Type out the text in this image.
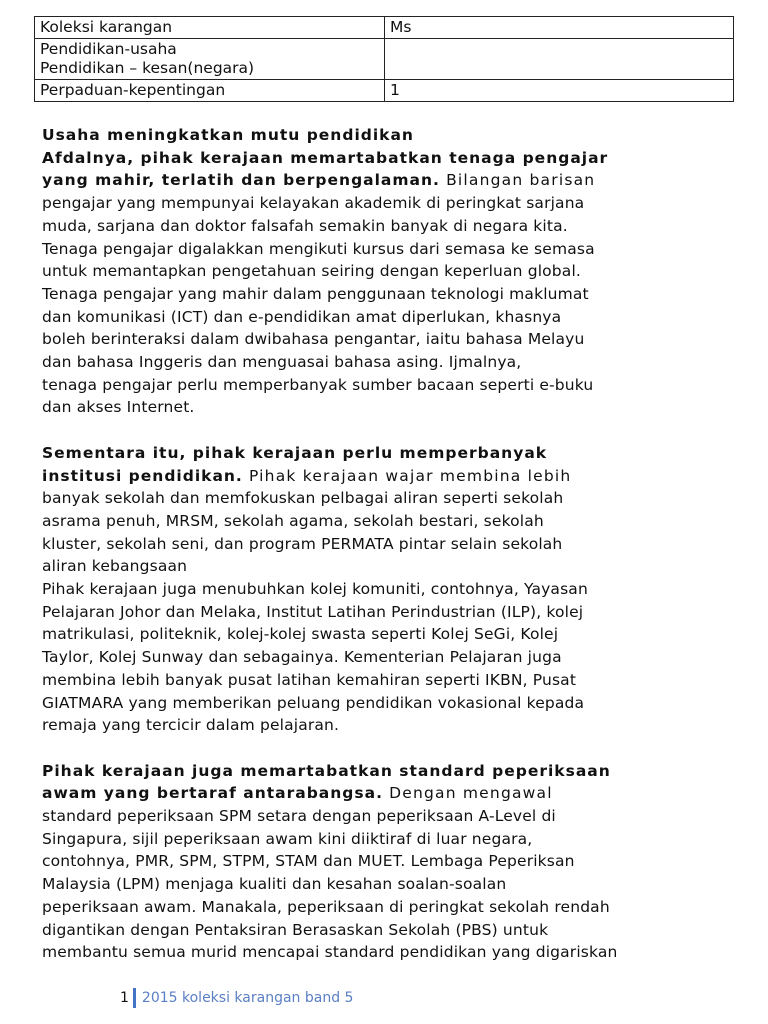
Koleksi karangan	Ms

Pendidikan-usaha
Pendidikan – kesan(negara)	

Perpaduan-kepentingan	1

Usaha meningkatkan mutu pendidikan
Afdalnya, pihak kerajaan memartabatkan tenaga pengajar
yang mahir, terlatih dan berpengalaman. Bilangan barisan
pengajar yang mempunyai kelayakan akademik di peringkat sarjana
muda, sarjana dan doktor falsafah semakin banyak di negara kita.
Tenaga pengajar digalakkan mengikuti kursus dari semasa ke semasa
untuk memantapkan pengetahuan seiring dengan keperluan global.
Tenaga pengajar yang mahir dalam penggunaan teknologi maklumat
dan komunikasi (ICT) dan e-pendidikan amat diperlukan, khasnya
boleh berinteraksi dalam dwibahasa pengantar, iaitu bahasa Melayu
dan bahasa Inggeris dan menguasai bahasa asing. Ijmalnya,
tenaga pengajar perlu memperbanyak sumber bacaan seperti e-buku
dan akses Internet.

Sementara itu, pihak kerajaan perlu memperbanyak
institusi pendidikan. Pihak kerajaan wajar membina lebih
banyak sekolah dan memfokuskan pelbagai aliran seperti sekolah
asrama penuh, MRSM, sekolah agama, sekolah bestari, sekolah
kluster, sekolah seni, dan program PERMATA pintar selain sekolah
aliran kebangsaan
Pihak kerajaan juga menubuhkan kolej komuniti, contohnya, Yayasan
Pelajaran Johor dan Melaka, Institut Latihan Perindustrian (ILP), kolej
matrikulasi, politeknik, kolej-kolej swasta seperti Kolej SeGi, Kolej
Taylor, Kolej Sunway dan sebagainya. Kementerian Pelajaran juga
membina lebih banyak pusat latihan kemahiran seperti IKBN, Pusat
GIATMARA yang memberikan peluang pendidikan vokasional kepada
remaja yang tercicir dalam pelajaran.

Pihak kerajaan juga memartabatkan standard peperiksaan
awam yang bertaraf antarabangsa. Dengan mengawal
standard peperiksaan SPM setara dengan peperiksaan A-Level di
Singapura, sijil peperiksaan awam kini diiktiraf di luar negara,
contohnya, PMR, SPM, STPM, STAM dan MUET. Lembaga Peperiksan
Malaysia (LPM) menjaga kualiti dan kesahan soalan-soalan
peperiksaan awam. Manakala, peperiksaan di peringkat sekolah rendah
digantikan dengan Pentaksiran Berasaskan Sekolah (PBS) untuk
membantu semua murid mencapai standard pendidikan yang digariskan

1 2015 koleksi karangan band 5
